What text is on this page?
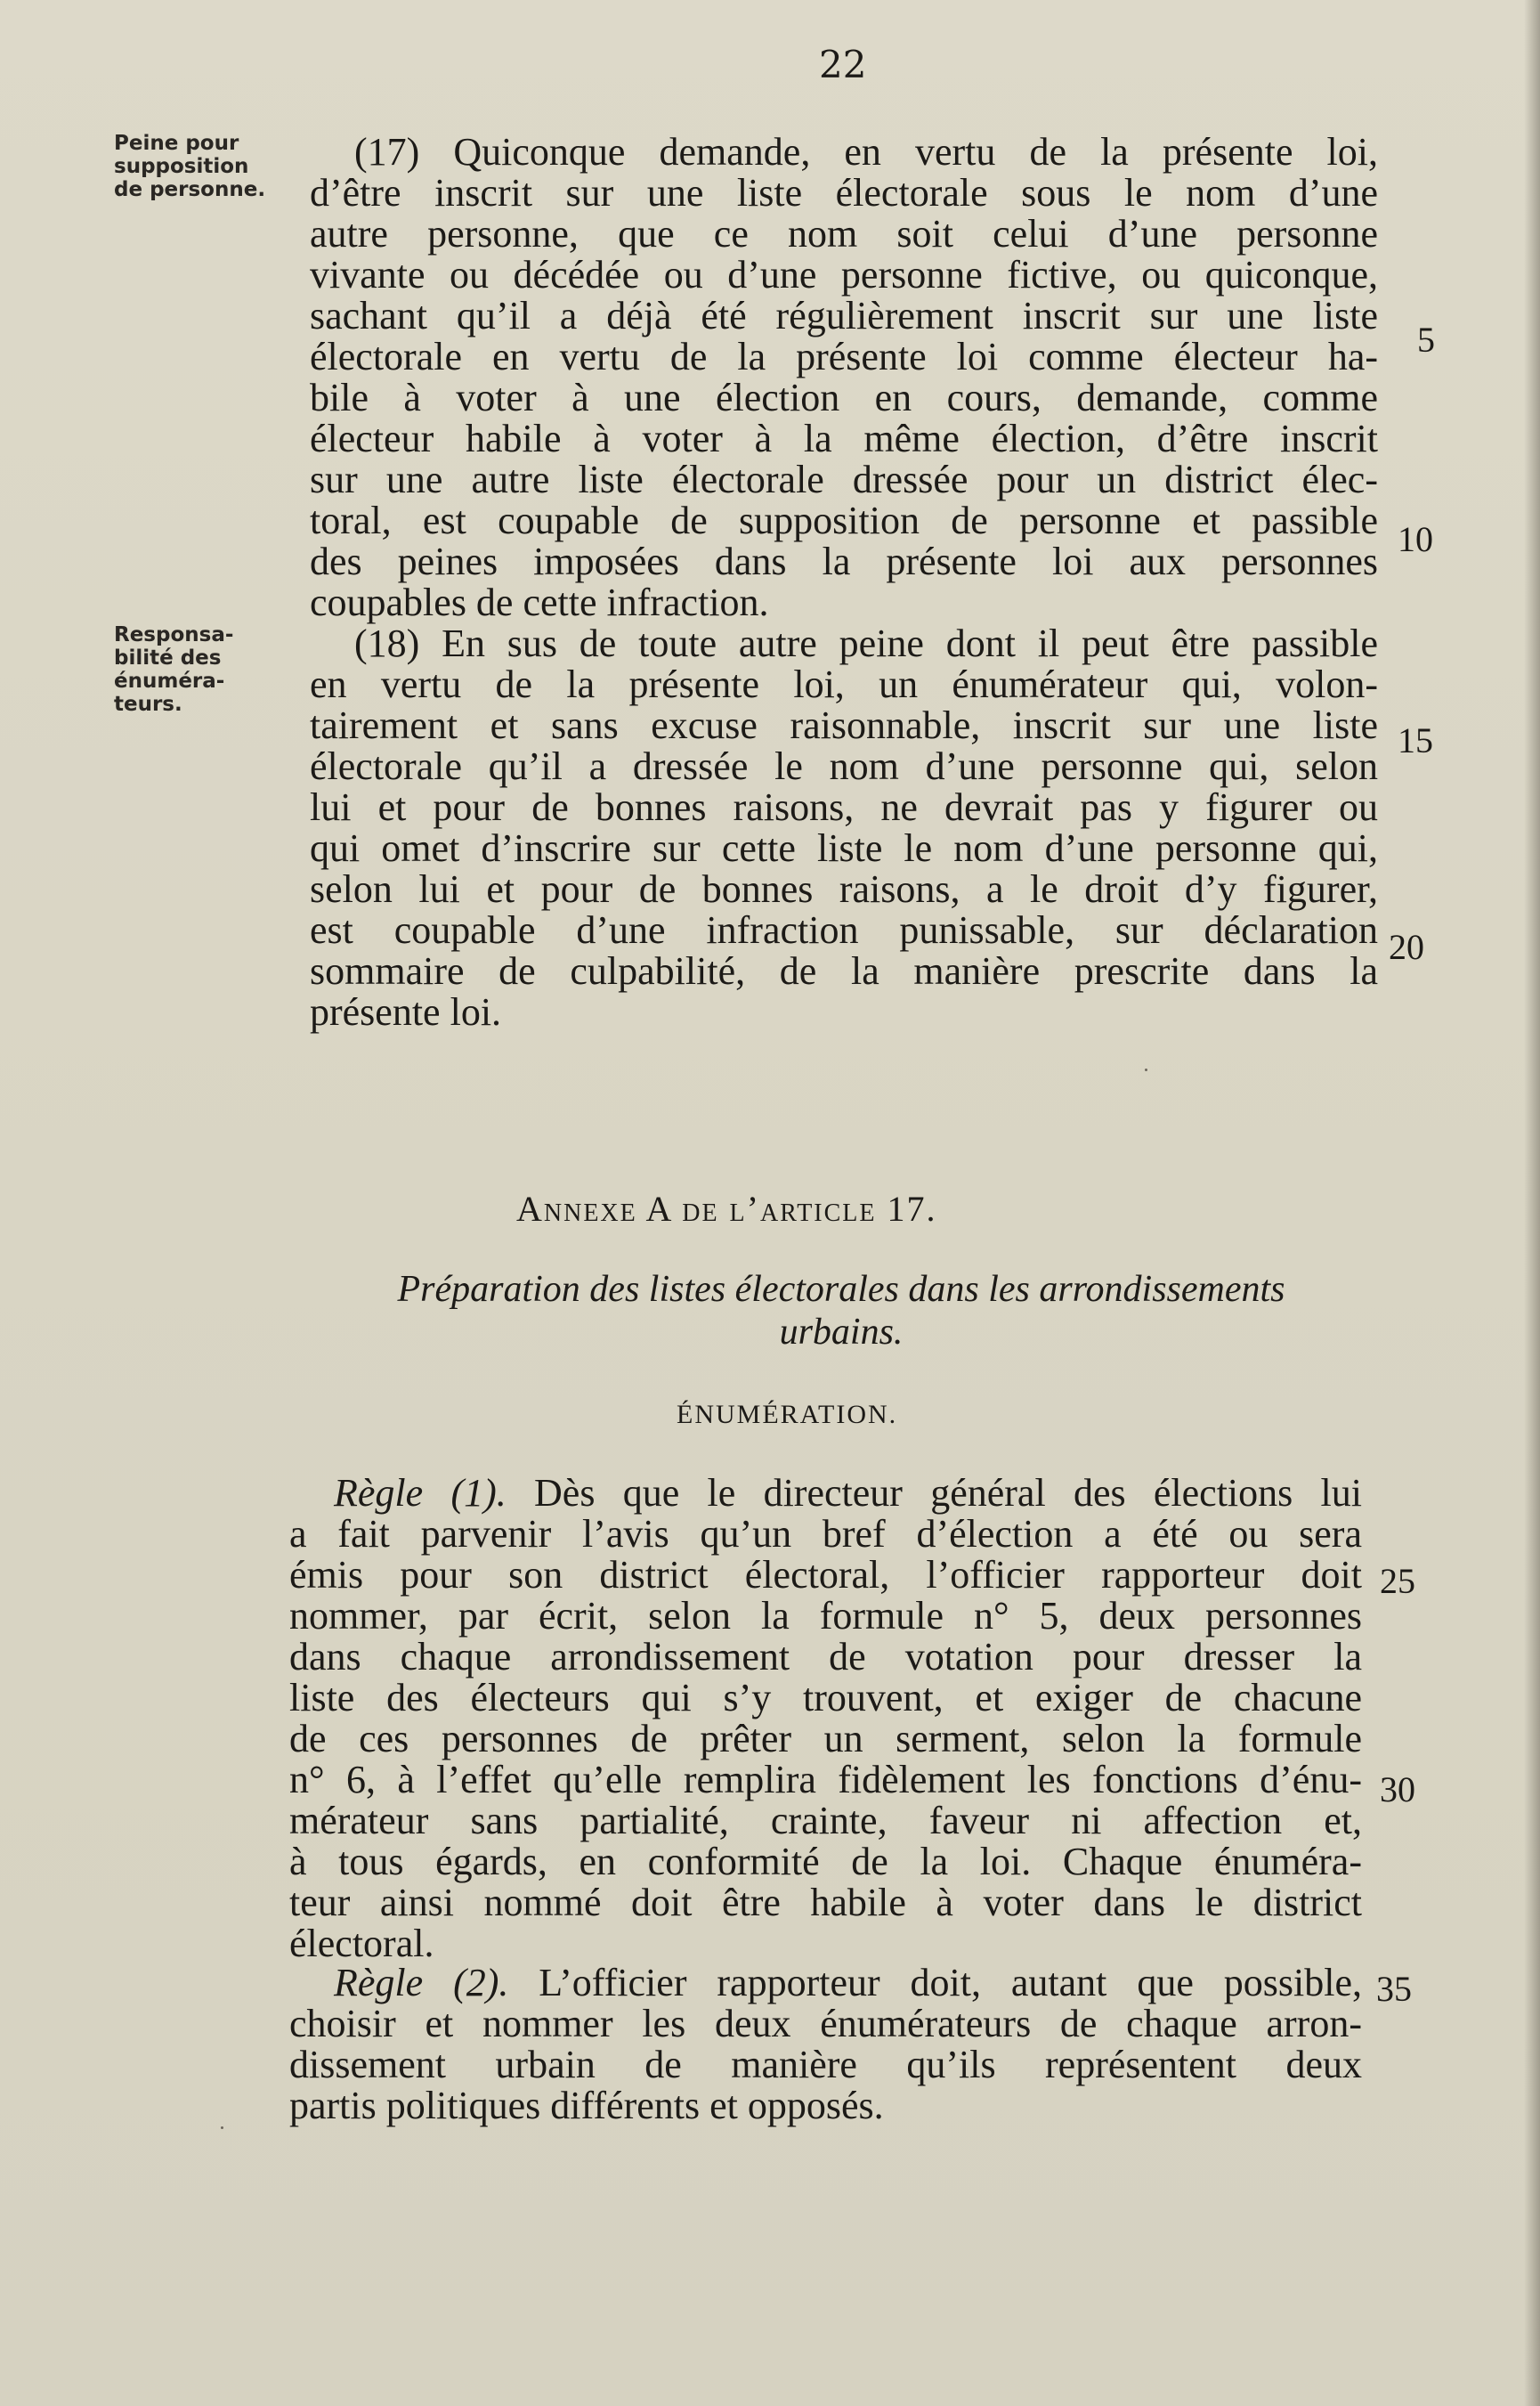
22
Peine pour
supposition
de personne.
Responsa-
bilité des
énuméra-
teurs.
(17) Quiconque demande, en vertu de la présente loi,
d’être inscrit sur une liste électorale sous le nom d’une
autre personne, que ce nom soit celui d’une personne
vivante ou décédée ou d’une personne fictive, ou quiconque,
sachant qu’il a déjà été régulièrement inscrit sur une liste
électorale en vertu de la présente loi comme électeur ha-
bile à voter à une élection en cours, demande, comme
électeur habile à voter à la même élection, d’être inscrit
sur une autre liste électorale dressée pour un district élec-
toral, est coupable de supposition de personne et passible
des peines imposées dans la présente loi aux personnes
coupables de cette infraction.
(18) En sus de toute autre peine dont il peut être passible
en vertu de la présente loi, un énumérateur qui, volon-
tairement et sans excuse raisonnable, inscrit sur une liste
électorale qu’il a dressée le nom d’une personne qui, selon
lui et pour de bonnes raisons, ne devrait pas y figurer ou
qui omet d’inscrire sur cette liste le nom d’une personne qui,
selon lui et pour de bonnes raisons, a le droit d’y figurer,
est coupable d’une infraction punissable, sur déclaration
sommaire de culpabilité, de la manière prescrite dans la
présente loi.
5
10
15
20
Annexe A de l’article 17.
Préparation des listes électorales dans les arrondissements
urbains.
ÉNUMÉRATION.
Règle (1). Dès que le directeur général des élections lui
a fait parvenir l’avis qu’un bref d’élection a été ou sera
émis pour son district électoral, l’officier rapporteur doit
nommer, par écrit, selon la formule n° 5, deux personnes
dans chaque arrondissement de votation pour dresser la
liste des électeurs qui s’y trouvent, et exiger de chacune
de ces personnes de prêter un serment, selon la formule
n° 6, à l’effet qu’elle remplira fidèlement les fonctions d’énu-
mérateur sans partialité, crainte, faveur ni affection et,
à tous égards, en conformité de la loi. Chaque énuméra-
teur ainsi nommé doit être habile à voter dans le district
électoral.
Règle (2). L’officier rapporteur doit, autant que possible,
choisir et nommer les deux énumérateurs de chaque arron-
dissement urbain de manière qu’ils représentent deux
partis politiques différents et opposés.
25
30
35
